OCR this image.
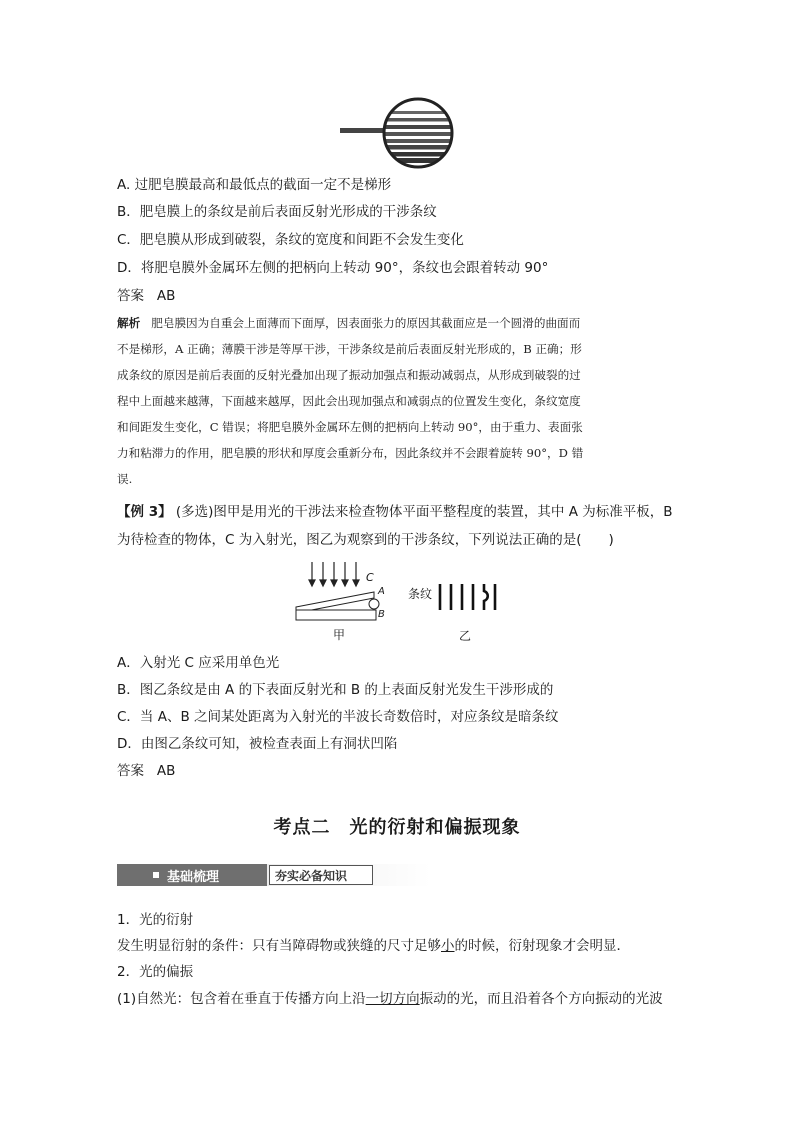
A. 过肥皂膜最高和最低点的截面一定不是梯形
B．肥皂膜上的条纹是前后表面反射光形成的干涉条纹
C．肥皂膜从形成到破裂，条纹的宽度和间距不会发生变化
D．将肥皂膜外金属环左侧的把柄向上转动 90°，条纹也会跟着转动 90°
答案 AB
解析 肥皂膜因为自重会上面薄而下面厚，因表面张力的原因其截面应是一个圆滑的曲面而
不是梯形，A 正确；薄膜干涉是等厚干涉，干涉条纹是前后表面反射光形成的，B 正确；形
成条纹的原因是前后表面的反射光叠加出现了振动加强点和振动减弱点，从形成到破裂的过
程中上面越来越薄，下面越来越厚，因此会出现加强点和减弱点的位置发生变化，条纹宽度
和间距发生变化，C 错误；将肥皂膜外金属环左侧的把柄向上转动 90°，由于重力、表面张
力和粘滞力的作用，肥皂膜的形状和厚度会重新分布，因此条纹并不会跟着旋转 90°，D 错
误.
【例 3】 (多选)图甲是用光的干涉法来检查物体平面平整程度的装置，其中 A 为标准平板，B
为待检查的物体，C 为入射光，图乙为观察到的干涉条纹，下列说法正确的是(　　)
C
A
B
甲
条纹
乙
A．入射光 C 应采用单色光
B．图乙条纹是由 A 的下表面反射光和 B 的上表面反射光发生干涉形成的
C．当 A、B 之间某处距离为入射光的半波长奇数倍时，对应条纹是暗条纹
D．由图乙条纹可知，被检查表面上有洞状凹陷
答案 AB
考点二　光的衍射和偏振现象
基础梳理	夯实必备知识
1．光的衍射
发生明显衍射的条件：只有当障碍物或狭缝的尺寸足够小的时候，衍射现象才会明显．
2．光的偏振
(1)自然光：包含着在垂直于传播方向上沿一切方向振动的光，而且沿着各个方向振动的光波
